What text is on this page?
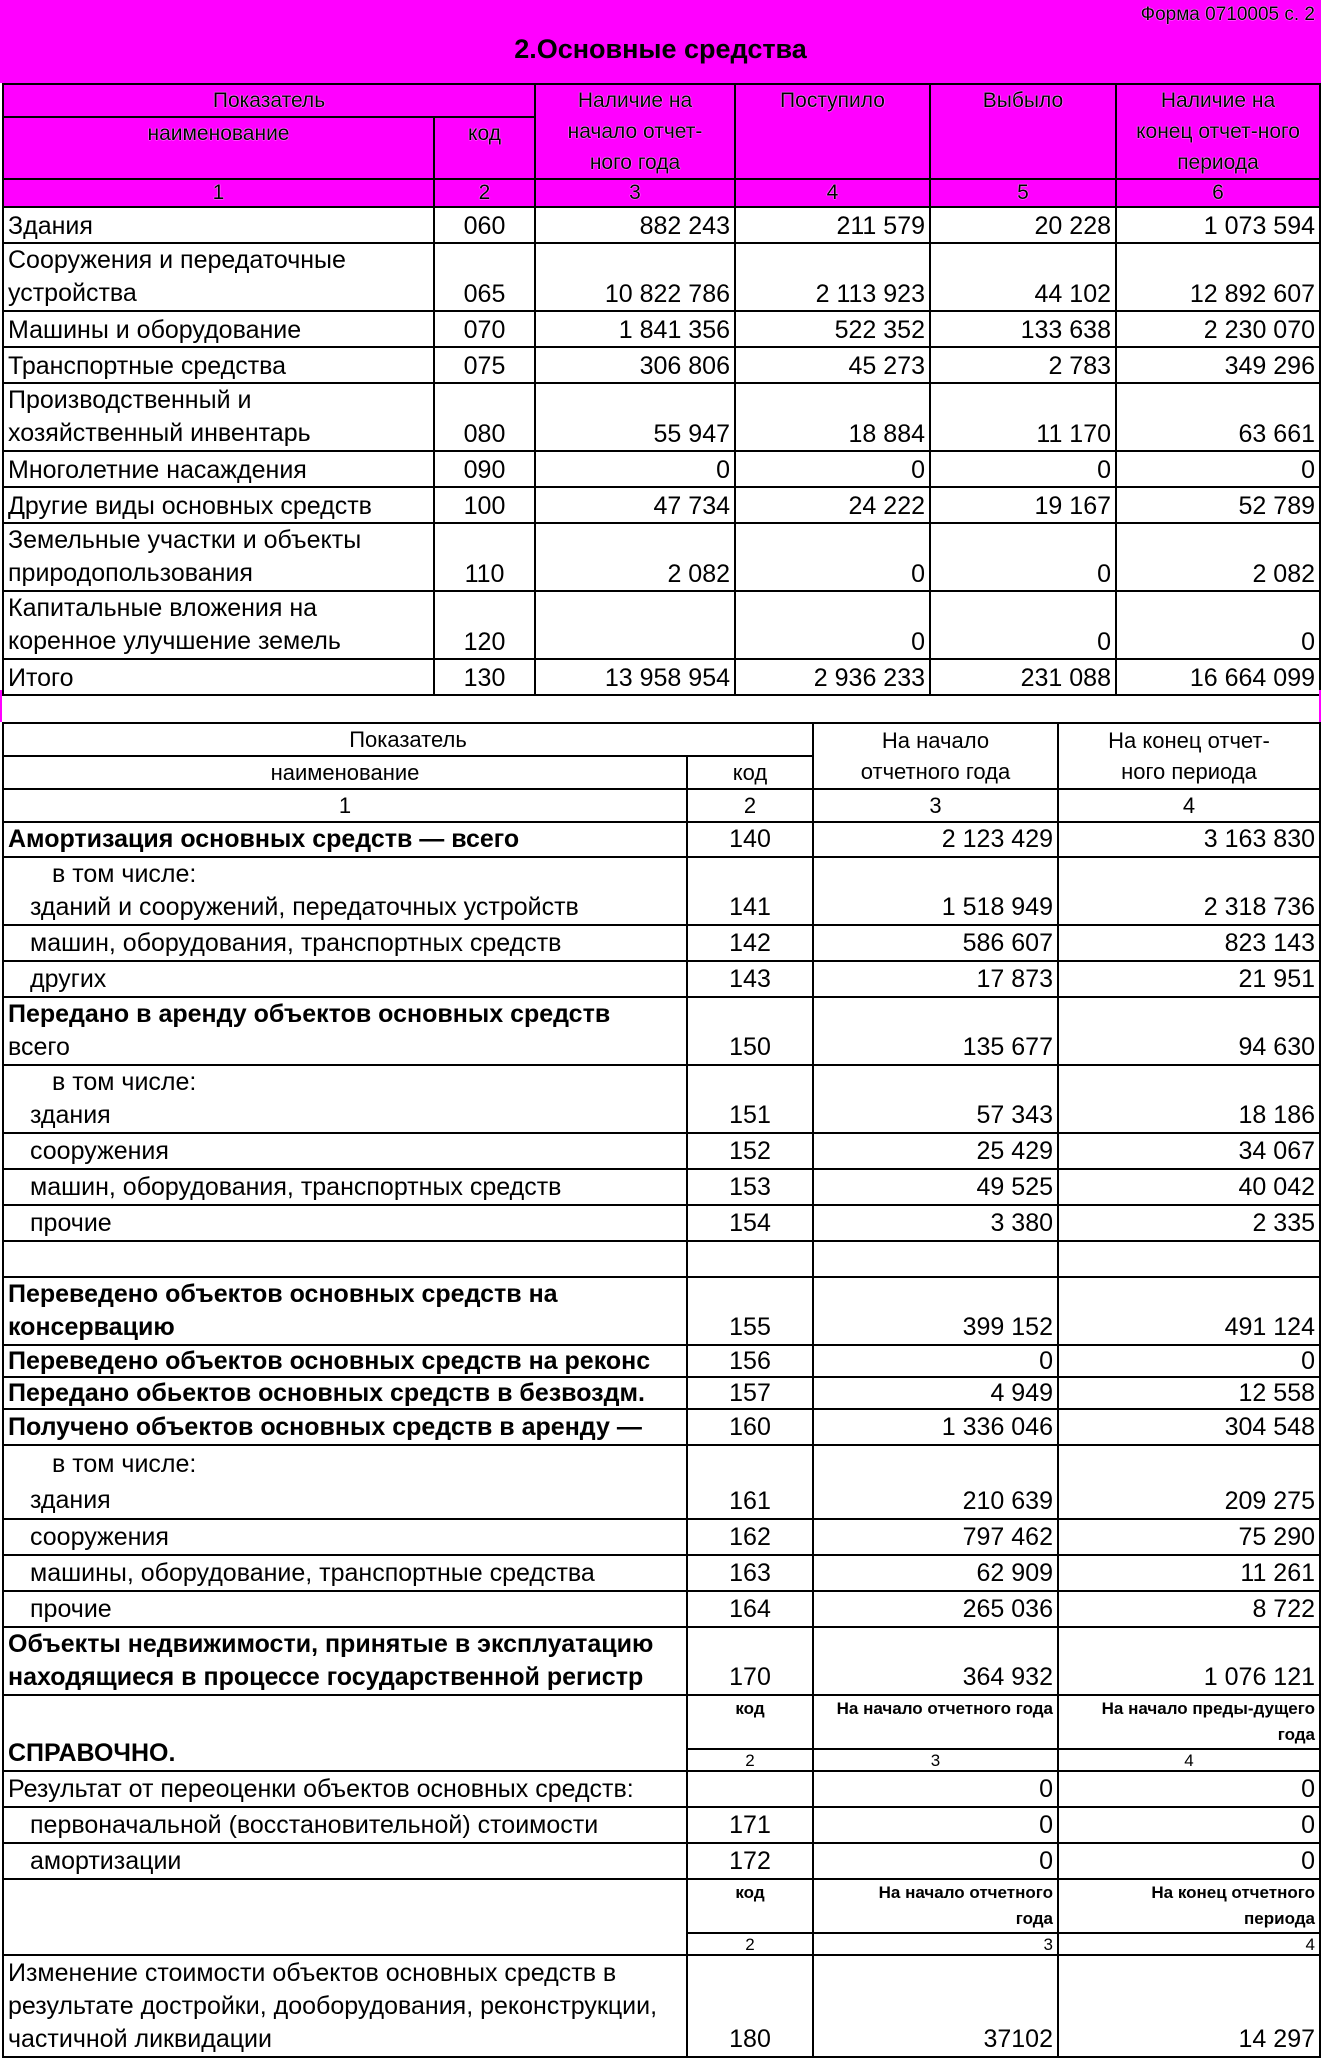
Форма 0710005 с. 2
2.Основные средства
Показатель		Наличие на начало отчет-ного года	Поступило	Выбыло	Наличие на конец отчет-ного периода
наименование	код				
1	2	3	4	5	6
Здания	060	882 243	211 579	20 228	1 073 594
Сооружения и передаточные устройства	065	10 822 786	2 113 923	44 102	12 892 607
Машины и оборудование	070	1 841 356	522 352	133 638	2 230 070
Транспортные средства	075	306 806	45 273	2 783	349 296
Производственный и хозяйственный инвентарь	080	55 947	18 884	11 170	63 661
Многолетние насаждения	090	0	0	0	0
Другие виды основных средств	100	47 734	24 222	19 167	52 789
Земельные участки и объекты природопользования	110	2 082	0	0	2 082
Капитальные вложения на коренное улучшение земель	120		0	0	0
Итого	130	13 958 954	2 936 233	231 088	16 664 099
Показатель		На начало отчетного года	На конец отчет-ного периода
наименование	код		
1	2	3	4
Амортизация основных средств — всего	140	2 123 429	3 163 830

в том числе:
зданий и сооружений, передаточных устройств	141	1 518 949	2 318 736
машин, оборудования, транспортных средств	142	586 607	823 143
других	143	17 873	21 951

Передано в аренду объектов основных средств
всего	150	135 677	94 630

в том числе:
здания	151	57 343	18 186
сооружения	152	25 429	34 067
машин, оборудования, транспортных средств	153	49 525	40 042
прочие	154	3 380	2 335

Переведено объектов основных средств на консервацию	155	399 152	491 124
Переведено объектов основных средств на реконс	156	0	0
Передано обьектов основных средств в безвоздм.	157	4 949	12 558
Получено объектов основных средств в аренду —	160	1 336 046	304 548

в том числе:
здания	161	210 639	209 275
сооружения	162	797 462	75 290
машины, оборудование, транспортные средства	163	62 909	11 261
прочие	164	265 036	8 722

Объекты недвижимости, принятые в эксплуатацию
находящиеся в процессе государственной регистр	170	364 932	1 076 121
СПРАВОЧНО.	код	На начало отчетного года	На начало преды-дущего года
	2	3	4
Результат от переоценки объектов основных средств:		0	0
первоначальной (восстановительной) стоимости	171	0	0
амортизации	172	0	0
	код	На начало отчетного года	На конец отчетного периода
	2	3	4
Изменение стоимости объектов основных средств в результате достройки, дооборудования, реконструкции, частичной ликвидации	180	37102	14 297
